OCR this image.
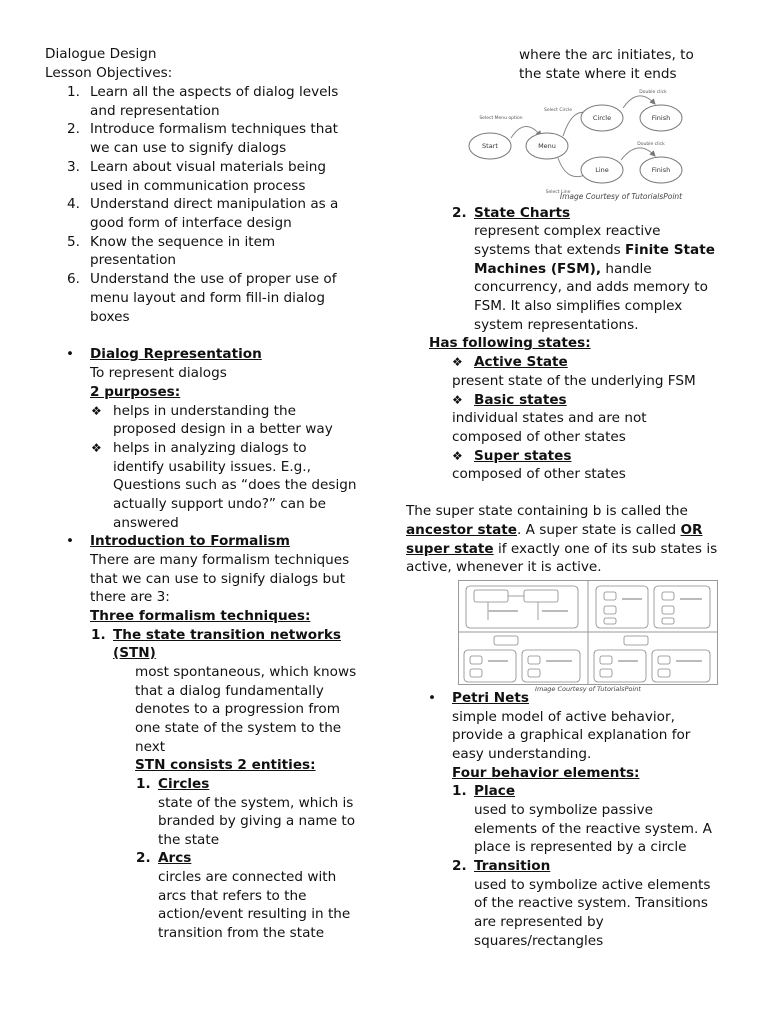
Dialogue Design
Lesson Objectives:
1. Learn all the aspects of dialog levels
and representation
2. Introduce formalism techniques that
we can use to signify dialogs
3. Learn about visual materials being
used in communication process
4. Understand direct manipulation as a
good form of interface design
5. Know the sequence in item
presentation
6. Understand the use of proper use of
menu layout and form fill-in dialog
boxes
• Dialog Representation
To represent dialogs
2 purposes:
❖ helps in understanding the
proposed design in a better way
❖ helps in analyzing dialogs to
identify usability issues. E.g.,
Questions such as “does the design
actually support undo?” can be
answered
• Introduction to Formalism
There are many formalism techniques
that we can use to signify dialogs but
there are 3:
Three formalism techniques:
1. The state transition networks
(STN)
most spontaneous, which knows
that a dialog fundamentally
denotes to a progression from
one state of the system to the
next
STN consists 2 entities:
1. Circles
state of the system, which is
branded by giving a name to
the state
2. Arcs
circles are connected with
arcs that refers to the
action/event resulting in the
transition from the state
where the arc initiates, to
the state where it ends
Start	Menu
Circle	Finish
Line	Finish
Select Menu option
Select Circle
Double click
Select Line
Double click
Image Courtesy of TutorialsPoint
2. State Charts
represent complex reactive
systems that extends Finite State
Machines (FSM), handle
concurrency, and adds memory to
FSM. It also simplifies complex
system representations.
Has following states:
❖ Active State
present state of the underlying FSM
❖ Basic states
individual states and are not
composed of other states
❖ Super states
composed of other states
The super state containing b is called the
ancestor state. A super state is called OR
super state if exactly one of its sub states is
active, whenever it is active.
Image Courtesy of TutorialsPoint
• Petri Nets
simple model of active behavior,
provide a graphical explanation for
easy understanding.
Four behavior elements:
1. Place
used to symbolize passive
elements of the reactive system. A
place is represented by a circle
2. Transition
used to symbolize active elements
of the reactive system. Transitions
are represented by
squares/rectangles
